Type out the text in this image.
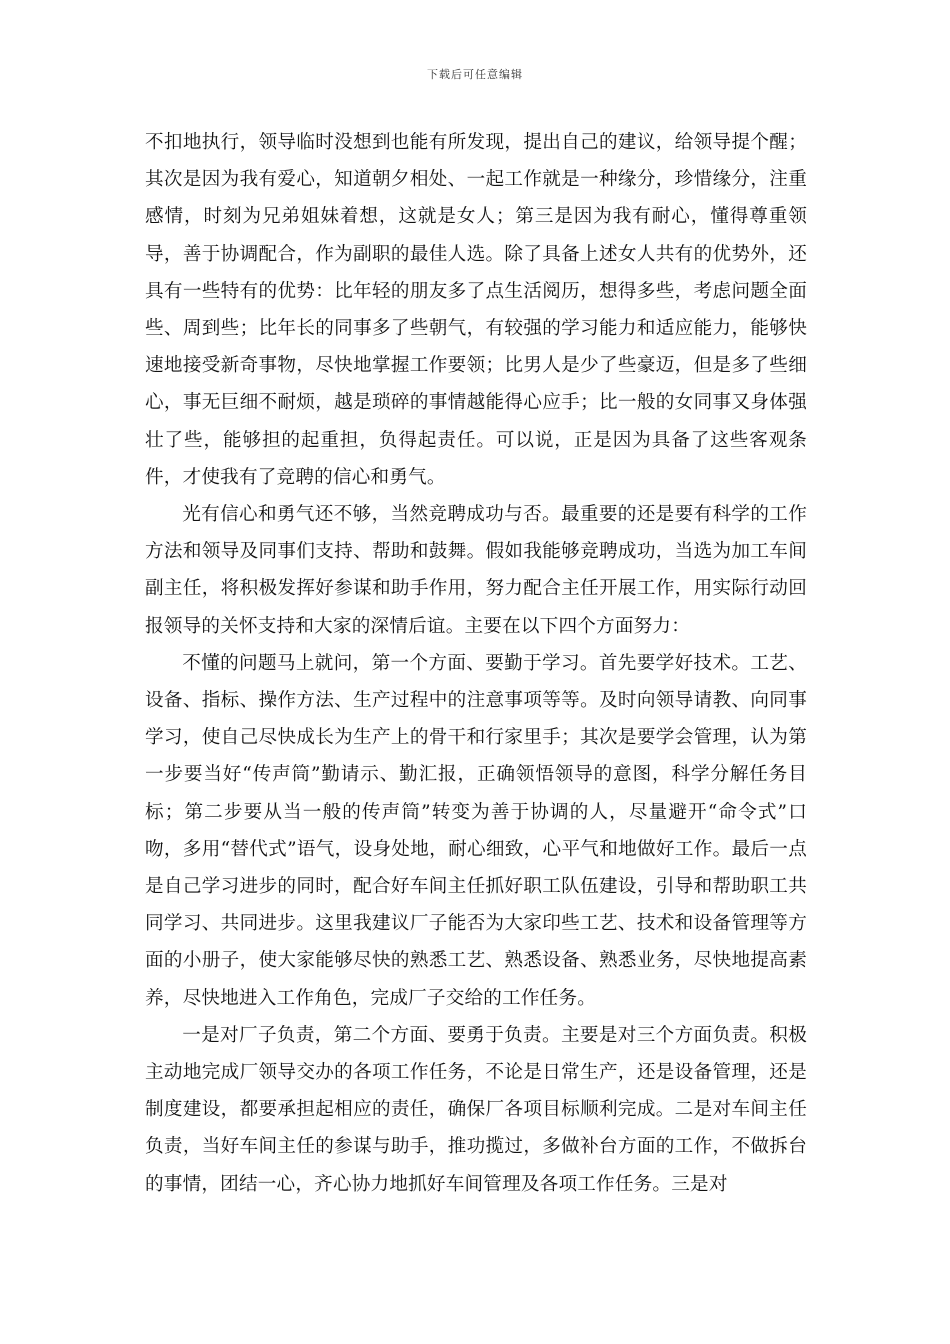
下载后可任意编辑

不扣地执行，领导临时没想到也能有所发现，提出自己的建议，给领导提个醒；其次是因为我有爱心，知道朝夕相处、一起工作就是一种缘分，珍惜缘分，注重感情，时刻为兄弟姐妹着想，这就是女人；第三是因为我有耐心，懂得尊重领导，善于协调配合，作为副职的最佳人选。除了具备上述女人共有的优势外，还具有一些特有的优势：比年轻的朋友多了点生活阅历，想得多些，考虑问题全面些、周到些；比年长的同事多了些朝气，有较强的学习能力和适应能力，能够快速地接受新奇事物，尽快地掌握工作要领；比男人是少了些豪迈，但是多了些细心，事无巨细不耐烦，越是琐碎的事情越能得心应手；比一般的女同事又身体强壮了些，能够担的起重担，负得起责任。可以说，正是因为具备了这些客观条件，才使我有了竞聘的信心和勇气。

光有信心和勇气还不够，当然竞聘成功与否。最重要的还是要有科学的工作方法和领导及同事们支持、帮助和鼓舞。假如我能够竞聘成功，当选为加工车间副主任，将积极发挥好参谋和助手作用，努力配合主任开展工作，用实际行动回报领导的关怀支持和大家的深情后谊。主要在以下四个方面努力：

不懂的问题马上就问，第一个方面、要勤于学习。首先要学好技术。工艺、设备、指标、操作方法、生产过程中的注意事项等等。及时向领导请教、向同事学习，使自己尽快成长为生产上的骨干和行家里手；其次是要学会管理，认为第一步要当好“传声筒”勤请示、勤汇报，正确领悟领导的意图，科学分解任务目标；第二步要从当一般的传声筒”转变为善于协调的人，尽量避开“命令式”口吻，多用“替代式”语气，设身处地，耐心细致，心平气和地做好工作。最后一点是自己学习进步的同时，配合好车间主任抓好职工队伍建设，引导和帮助职工共同学习、共同进步。这里我建议厂子能否为大家印些工艺、技术和设备管理等方面的小册子，使大家能够尽快的熟悉工艺、熟悉设备、熟悉业务，尽快地提高素养，尽快地进入工作角色，完成厂子交给的工作任务。

一是对厂子负责，第二个方面、要勇于负责。主要是对三个方面负责。积极主动地完成厂领导交办的各项工作任务，不论是日常生产，还是设备管理，还是制度建设，都要承担起相应的责任，确保厂各项目标顺利完成。二是对车间主任负责，当好车间主任的参谋与助手，推功揽过，多做补台方面的工作，不做拆台的事情，团结一心，齐心协力地抓好车间管理及各项工作任务。三是对
